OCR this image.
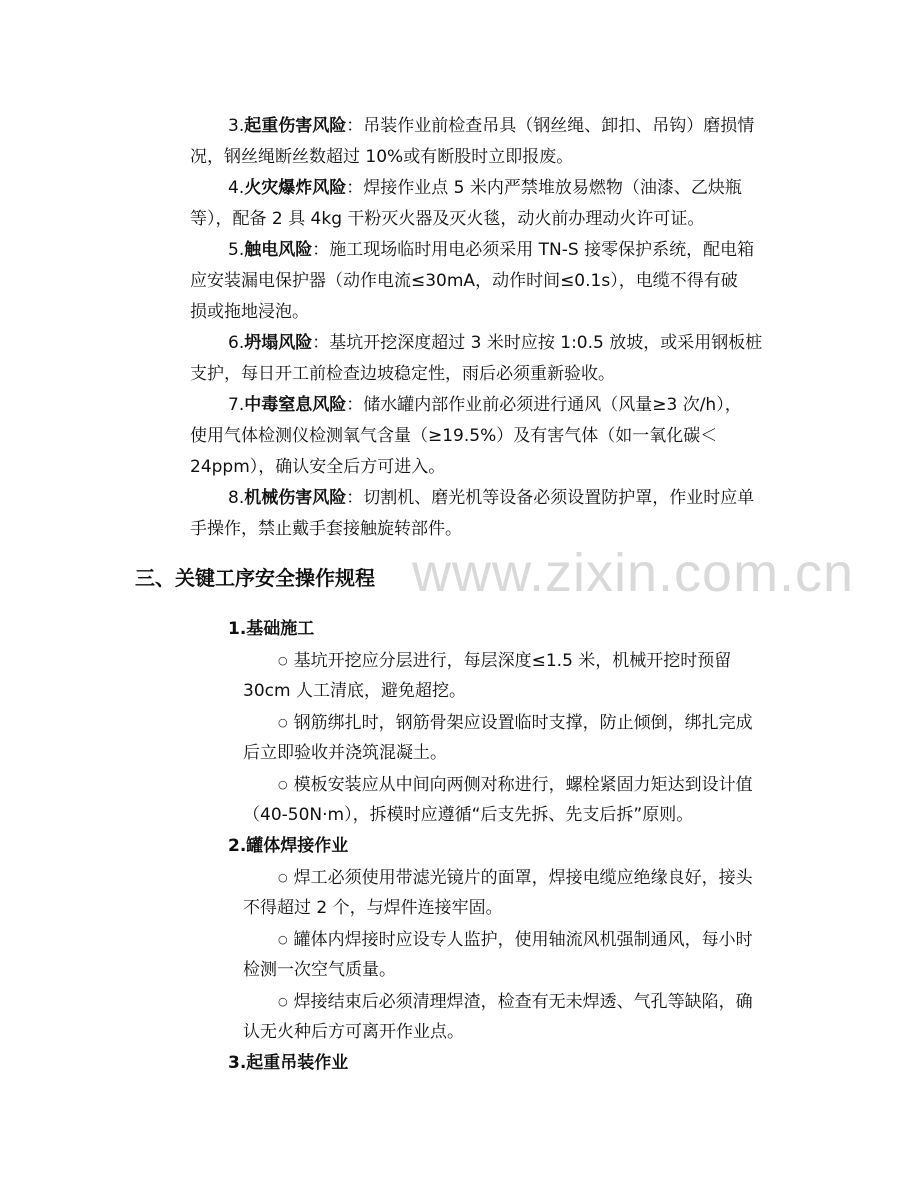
3.起重伤害风险：吊装作业前检查吊具（钢丝绳、卸扣、吊钩）磨损情

况，钢丝绳断丝数超过 10%或有断股时立即报废。

4.火灾爆炸风险：焊接作业点 5 米内严禁堆放易燃物（油漆、乙炔瓶

等），配备 2 具 4kg 干粉灭火器及灭火毯，动火前办理动火许可证。

5.触电风险：施工现场临时用电必须采用 TN-S 接零保护系统，配电箱

应安装漏电保护器（动作电流≤30mA，动作时间≤0.1s），电缆不得有破

损或拖地浸泡。

6.坍塌风险：基坑开挖深度超过 3 米时应按 1:0.5 放坡，或采用钢板桩

支护，每日开工前检查边坡稳定性，雨后必须重新验收。

7.中毒窒息风险：储水罐内部作业前必须进行通风（风量≥3 次/h），

使用气体检测仪检测氧气含量（≥19.5%）及有害气体（如一氧化碳＜

24ppm），确认安全后方可进入。

8.机械伤害风险：切割机、磨光机等设备必须设置防护罩，作业时应单

手操作，禁止戴手套接触旋转部件。

www.zixin.com.cn
三、关键工序安全操作规程

1.基础施工

○ 基坑开挖应分层进行，每层深度≤1.5 米，机械开挖时预留

30cm 人工清底，避免超挖。

○ 钢筋绑扎时，钢筋骨架应设置临时支撑，防止倾倒，绑扎完成

后立即验收并浇筑混凝土。

○ 模板安装应从中间向两侧对称进行，螺栓紧固力矩达到设计值

（40-50N·m），拆模时应遵循“后支先拆、先支后拆”原则。

2.罐体焊接作业

○ 焊工必须使用带滤光镜片的面罩，焊接电缆应绝缘良好，接头

不得超过 2 个，与焊件连接牢固。

○ 罐体内焊接时应设专人监护，使用轴流风机强制通风，每小时

检测一次空气质量。

○ 焊接结束后必须清理焊渣，检查有无未焊透、气孔等缺陷，确

认无火种后方可离开作业点。

3.起重吊装作业
